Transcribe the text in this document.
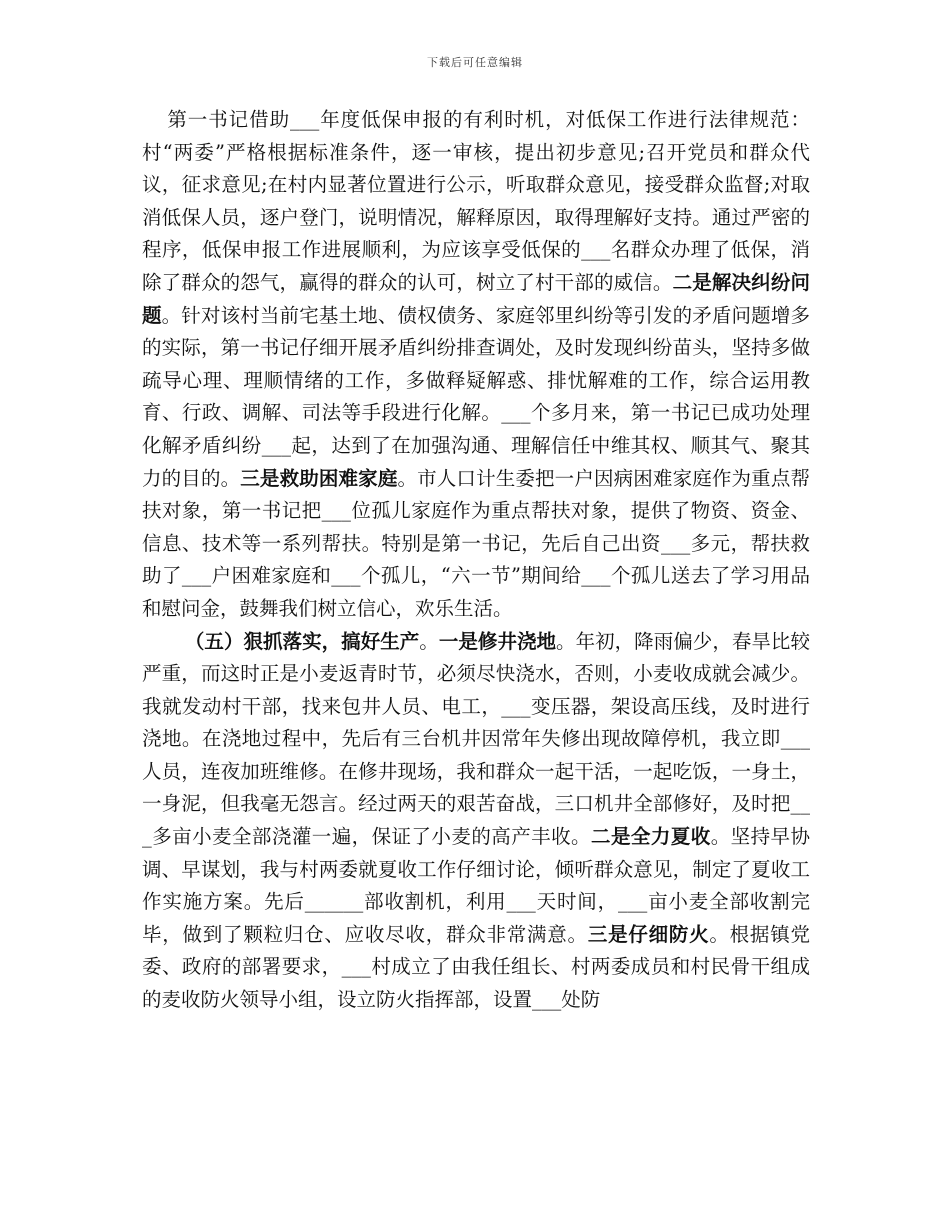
下载后可任意编辑

第一书记借助___年度低保申报的有利时机，对低保工作进行法律规范：村“两委”严格根据标准条件，逐一审核，提出初步意见;召开党员和群众代议，征求意见;在村内显著位置进行公示，听取群众意见，接受群众监督;对取消低保人员，逐户登门，说明情况，解释原因，取得理解好支持。通过严密的程序，低保申报工作进展顺利，为应该享受低保的___名群众办理了低保，消除了群众的怨气，赢得的群众的认可，树立了村干部的威信。二是解决纠纷问题。针对该村当前宅基土地、债权债务、家庭邻里纠纷等引发的矛盾问题增多的实际，第一书记仔细开展矛盾纠纷排查调处，及时发现纠纷苗头，坚持多做疏导心理、理顺情绪的工作，多做释疑解惑、排忧解难的工作，综合运用教育、行政、调解、司法等手段进行化解。___个多月来，第一书记已成功处理化解矛盾纠纷___起，达到了在加强沟通、理解信任中维其权、顺其气、聚其力的目的。三是救助困难家庭。市人口计生委把一户因病困难家庭作为重点帮扶对象，第一书记把___位孤儿家庭作为重点帮扶对象，提供了物资、资金、信息、技术等一系列帮扶。特别是第一书记，先后自己出资___多元，帮扶救助了___户困难家庭和___个孤儿，“六一节”期间给___个孤儿送去了学习用品和慰问金，鼓舞我们树立信心，欢乐生活。

（五）狠抓落实，搞好生产。一是修井浇地。年初，降雨偏少，春旱比较严重，而这时正是小麦返青时节，必须尽快浇水，否则，小麦收成就会减少。我就发动村干部，找来包井人员、电工，___变压器，架设高压线，及时进行浇地。在浇地过程中，先后有三台机井因常年失修出现故障停机，我立即___人员，连夜加班维修。在修井现场，我和群众一起干活，一起吃饭，一身土，一身泥，但我毫无怨言。经过两天的艰苦奋战，三口机井全部修好，及时把___多亩小麦全部浇灌一遍，保证了小麦的高产丰收。二是全力夏收。坚持早协调、早谋划，我与村两委就夏收工作仔细讨论，倾听群众意见，制定了夏收工作实施方案。先后______部收割机，利用___天时间，___亩小麦全部收割完毕，做到了颗粒归仓、应收尽收，群众非常满意。三是仔细防火。根据镇党委、政府的部署要求，___村成立了由我任组长、村两委成员和村民骨干组成的麦收防火领导小组，设立防火指挥部，设置___处防
